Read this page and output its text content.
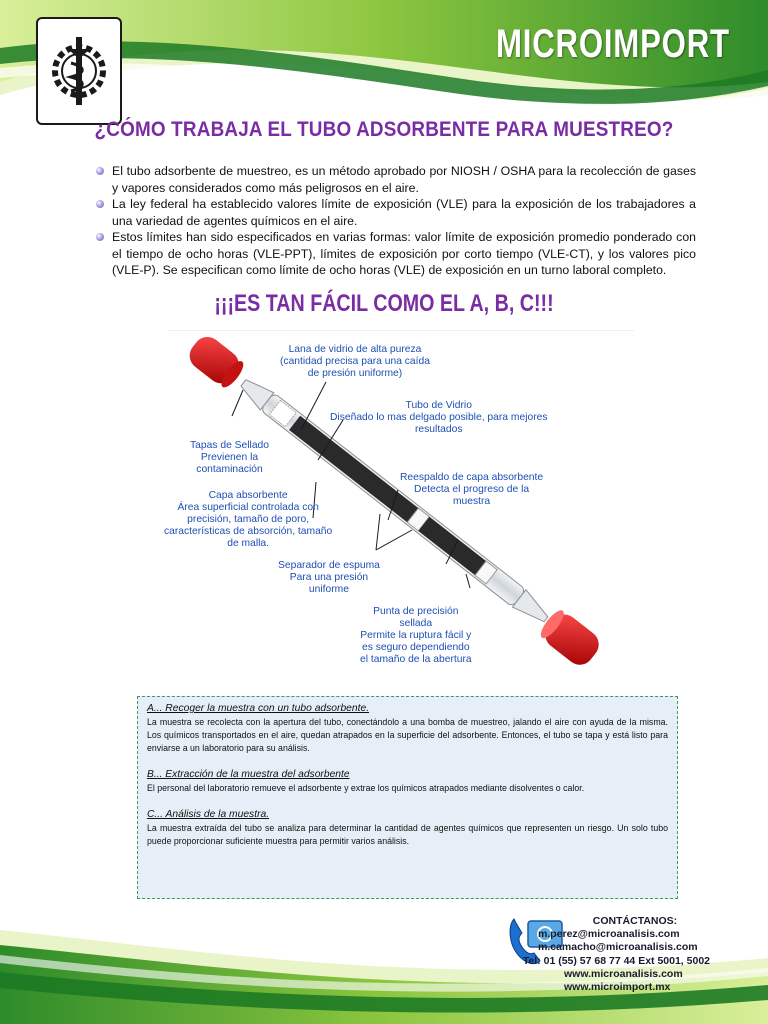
MICROIMPORT
¿CÓMO TRABAJA EL TUBO ADSORBENTE PARA MUESTREO?
El tubo adsorbente de muestreo, es un método aprobado por NIOSH / OSHA para la recolección de gases y vapores considerados como más peligrosos en el aire.
La ley federal ha establecido valores límite de exposición (VLE) para la exposición de los trabajadores a una variedad de agentes químicos en el aire.
Estos límites han sido especificados en varias formas: valor límite de exposición promedio ponderado con el tiempo de ocho horas (VLE-PPT), límites de exposición por corto tiempo (VLE-CT), y los valores pico (VLE-P). Se especifican como límite de ocho horas (VLE) de exposición en un turno laboral completo.
¡¡¡ES TAN FÁCIL COMO EL A, B, C!!!
Lana de vidrio de alta pureza
(cantidad precisa para una caída
de presión uniforme)
Tubo de Vidrio
Diseñado lo mas delgado posible, para mejores
resultados
Tapas de Sellado
Previenen la
contaminación
Reespaldo de capa absorbente
Detecta el progreso de la
muestra
Capa absorbente
Área superficial controlada con
precisión, tamaño de poro,
características de absorción, tamaño
de malla.
Separador de espuma
Para una presión
uniforme
Punta de precisión
sellada
Permite la ruptura fácil y
es seguro dependiendo
el tamaño de la abertura
A... Recoger la muestra con un tubo adsorbente.

La muestra se recolecta con la apertura del tubo, conectándolo a una bomba de muestreo, jalando el aire con ayuda de la misma. Los químicos transportados en el aire, quedan atrapados en la superficie del adsorbente. Entonces, el tubo se tapa y está listo para enviarse a un laboratorio para su análisis.

B... Extracción de la muestra del adsorbente

El personal del laboratorio remueve el adsorbente y extrae los químicos atrapados mediante disolventes o calor.

C... Análisis de la muestra.

La muestra extraída del tubo se analiza para determinar la cantidad de agentes químicos que representen un riesgo. Un solo tubo puede proporcionar suficiente muestra para permitir varios análisis.

CONTÁCTANOS:
m.perez@microanalisis.com
m.camacho@microanalisis.com
Tel: 01 (55) 57 68 77 44 Ext 5001, 5002
www.microanalisis.com
www.microimport.mx
